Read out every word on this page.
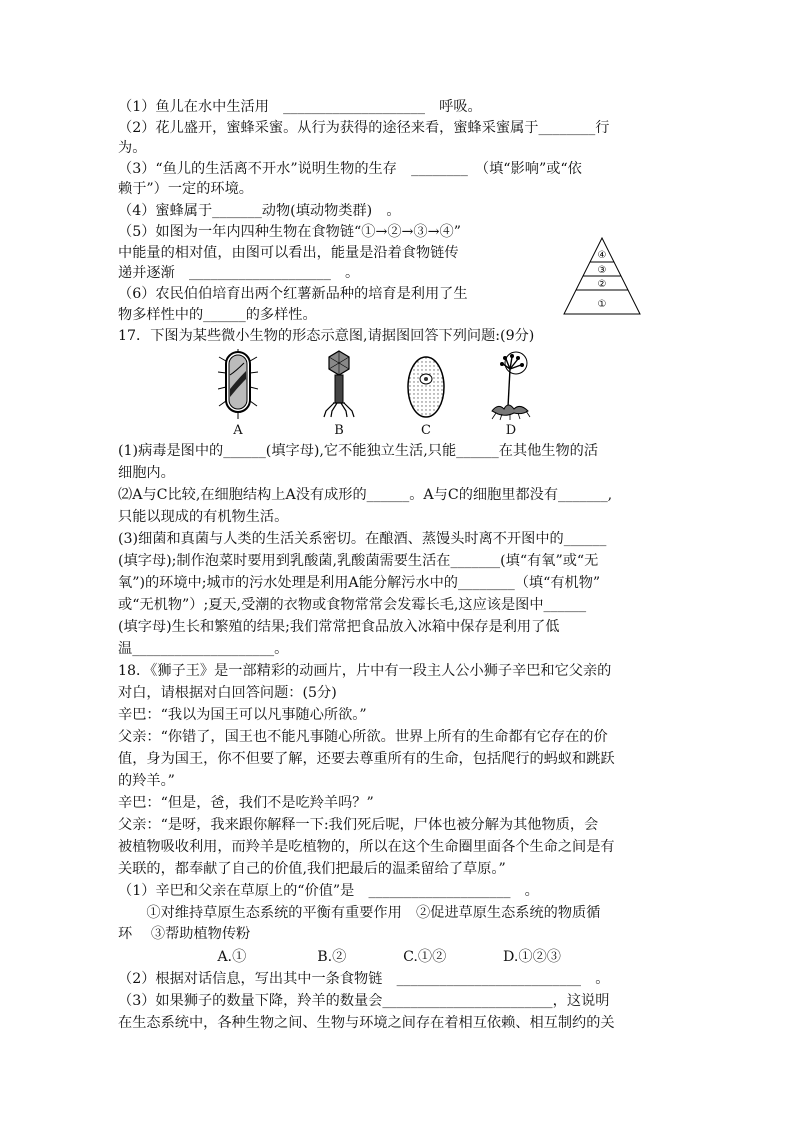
（1）鱼儿在水中生活用　____________________　呼吸。
（2）花儿盛开，蜜蜂采蜜。从行为获得的途径来看，蜜蜂采蜜属于________行
为。
（3）“鱼儿的生活离不开水”说明生物的生存　________　（填“影响”或“依
赖于”）一定的环境。
（4）蜜蜂属于_______动物(填动物类群)　。
（5）如图为一年内四种生物在食物链“①→②→③→④”
中能量的相对值，由图可以看出，能量是沿着食物链传
递并逐渐　____________________　。
（6）农民伯伯培育出两个红薯新品种的培育是利用了生
物多样性中的______的多样性。
17．下图为某些微小生物的形态示意图,请据图回答下列问题:(9分)
A	B	C	D
(1)病毒是图中的______(填字母),它不能独立生活,只能______在其他生物的活
细胞内。
⑵A与C比较,在细胞结构上A没有成形的______。A与C的细胞里都没有_______,
只能以现成的有机物生活。
(3)细菌和真菌与人类的生活关系密切。在酿酒、蒸馒头时离不开图中的______
(填字母);制作泡菜时要用到乳酸菌,乳酸菌需要生活在_______(填“有氧”或“无
氧”)的环境中;城市的污水处理是利用A能分解污水中的________（填“有机物”
或“无机物”）;夏天,受潮的衣物或食物常常会发霉长毛,这应该是图中______
(填字母)生长和繁殖的结果;我们常常把食品放入冰箱中保存是利用了低
温____________________。
18．《狮子王》是一部精彩的动画片，片中有一段主人公小狮子辛巴和它父亲的
对白，请根据对白回答问题：(5分)
辛巴：“我以为国王可以凡事随心所欲。”
父亲：“你错了，国王也不能凡事随心所欲。世界上所有的生命都有它存在的价
值，身为国王，你不但要了解，还要去尊重所有的生命，包括爬行的蚂蚁和跳跃
的羚羊。”
辛巴：“但是，爸，我们不是吃羚羊吗？”
父亲：“是呀，我来跟你解释一下:我们死后呢，尸体也被分解为其他物质，会
被植物吸收利用，而羚羊是吃植物的，所以在这个生命圈里面各个生命之间是有
关联的，都奉献了自己的价值,我们把最后的温柔留给了草原。”
（1）辛巴和父亲在草原上的“价值”是　____________________　。
　　①对维持草原生态系统的平衡有重要作用　②促进草原生态系统的物质循
环　 ③帮助植物传粉
　　　　　　　A.①　　　　　B.②　　　　C.①②　　　　D.①②③
（2）根据对话信息，写出其中一条食物链　__________________________　。
（3）如果狮子的数量下降，羚羊的数量会________________________，这说明
在生态系统中，各种生物之间、生物与环境之间存在着相互依赖、相互制约的关
④
③
②
①
